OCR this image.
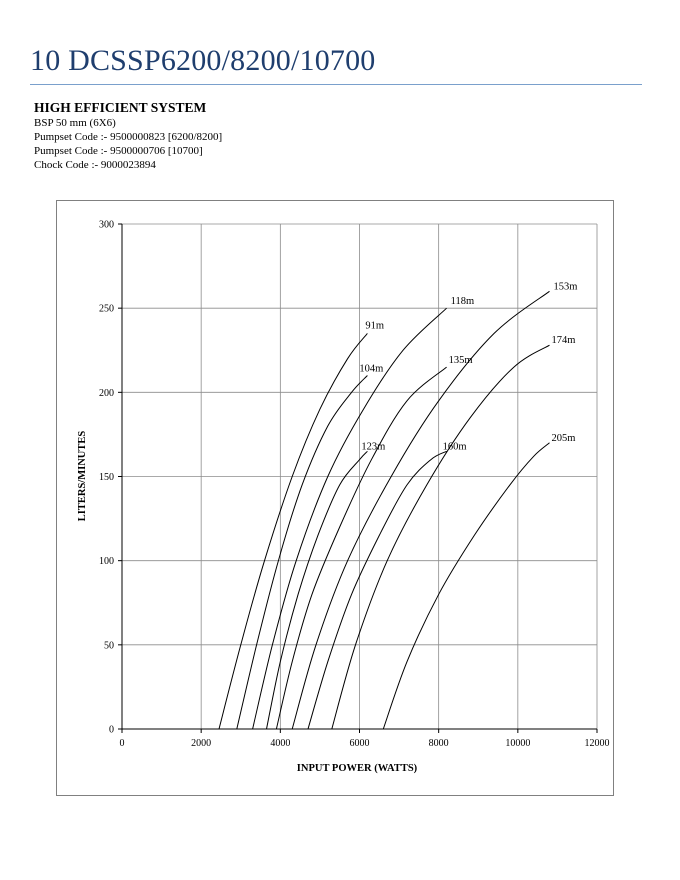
10 DCSSP6200/8200/10700
HIGH EFFICIENT SYSTEM
BSP 50 mm (6X6)
Pumpset Code :- 9500000823 [6200/8200]
Pumpset Code :- 9500000706 [10700]
Chock Code :- 9000023894
0	2000	4000	6000	8000	10000	12000
0
50
100
150
200
250
300
91m
104m
118m
123m
135m
153m
160m
174m
205m
INPUT POWER (WATTS)
LITERS/MINUTES
